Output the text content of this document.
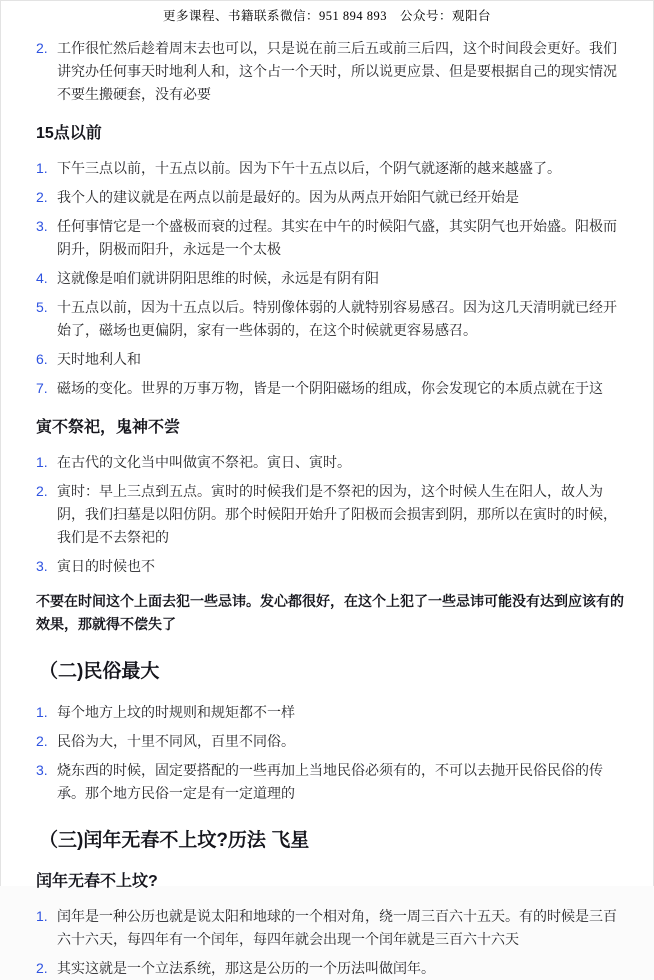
更多课程、书籍联系微信：951 894 893　公众号：观阳台
2. 工作很忙然后趁着周末去也可以，只是说在前三后五或前三后四，这个时间段会更好。我们讲究办任何事天时地利人和，这个占一个天时，所以说更应景、但是要根据自己的现实情况不要生搬硬套，没有必要
15点以前
1. 下午三点以前，十五点以前。因为下午十五点以后，个阴气就逐渐的越来越盛了。
2. 我个人的建议就是在两点以前是最好的。因为从两点开始阳气就已经开始是
3. 任何事情它是一个盛极而衰的过程。其实在中午的时候阳气盛，其实阴气也开始盛。阳极而阴升，阴极而阳升，永远是一个太极
4. 这就像是咱们就讲阴阳思维的时候，永远是有阴有阳
5. 十五点以前，因为十五点以后。特别像体弱的人就特别容易感召。因为这几天清明就已经开始了，磁场也更偏阴，家有一些体弱的，在这个时候就更容易感召。
6. 天时地利人和
7. 磁场的变化。世界的万事万物，皆是一个阴阳磁场的组成，你会发现它的本质点就在于这
寅不祭祀，鬼神不尝
1. 在古代的文化当中叫做寅不祭祀。寅日、寅时。
2. 寅时：早上三点到五点。寅时的时候我们是不祭祀的因为，这个时候人生在阳人，故人为阴，我们扫墓是以阳仿阴。那个时候阳开始升了阳极而会损害到阴，那所以在寅时的时候，我们是不去祭祀的
3. 寅日的时候也不
不要在时间这个上面去犯一些忌讳。发心都很好，在这个上犯了一些忌讳可能没有达到应该有的效果，那就得不偿失了
（二)民俗最大
1. 每个地方上坟的时规则和规矩都不一样
2. 民俗为大，十里不同风，百里不同俗。
3. 烧东西的时候，固定要搭配的一些再加上当地民俗必须有的，不可以去抛开民俗民俗的传承。那个地方民俗一定是有一定道理的
（三)闰年无春不上坟?历法 飞星
闰年无春不上坟?
1. 闰年是一种公历也就是说太阳和地球的一个相对角，绕一周三百六十五天。有的时候是三百六十六天，每四年有一个闰年，每四年就会出现一个闰年就是三百六十六天
2. 其实这就是一个立法系统，那这是公历的一个历法叫做闰年。
